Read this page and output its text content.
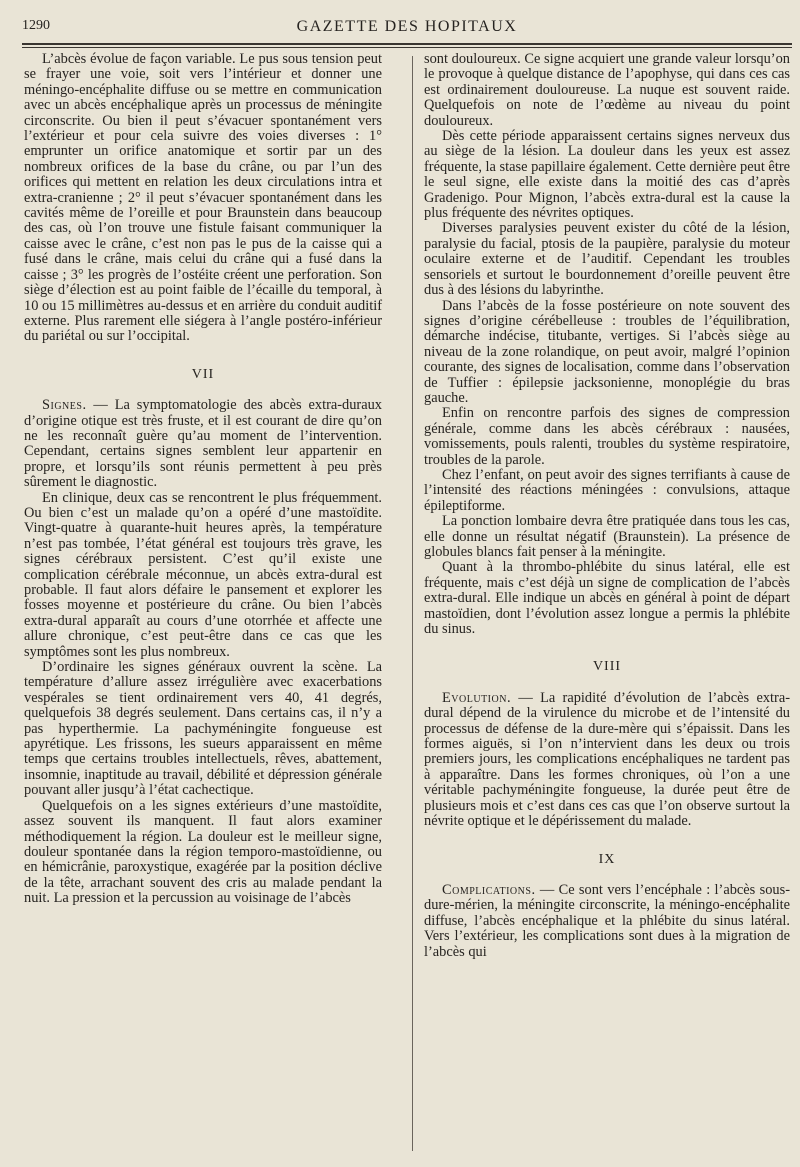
1290	GAZETTE DES HOPITAUX

L’abcès évolue de façon variable. Le pus sous tension peut se frayer une voie, soit vers l’intérieur et donner une méningo-encéphalite diffuse ou se mettre en communication avec un abcès encéphalique après un processus de méningite circonscrite. Ou bien il peut s’évacuer spontanément vers l’extérieur et pour cela suivre des voies diverses : 1° emprunter un orifice anatomique et sortir par un des nombreux orifices de la base du crâne, ou par l’un des orifices qui mettent en relation les deux circulations intra et extra-cranienne ; 2° il peut s’évacuer spontanément dans les cavités même de l’oreille et pour Braunstein dans beaucoup des cas, où l’on trouve une fistule faisant communiquer la caisse avec le crâne, c’est non pas le pus de la caisse qui a fusé dans le crâne, mais celui du crâne qui a fusé dans la caisse ; 3° les progrès de l’ostéite créent une perforation. Son siège d’élection est au point faible de l’écaille du temporal, à 10 ou 15 millimètres au-dessus et en arrière du conduit auditif externe. Plus rarement elle siégera à l’angle postéro-inférieur du pariétal ou sur l’occipital.

VII

Signes. — La symptomatologie des abcès extra-duraux d’origine otique est très fruste, et il est courant de dire qu’on ne les reconnaît guère qu’au moment de l’intervention. Cependant, certains signes semblent leur appartenir en propre, et lorsqu’ils sont réunis permettent à peu près sûrement le diagnostic.

En clinique, deux cas se rencontrent le plus fréquemment. Ou bien c’est un malade qu’on a opéré d’une mastoïdite. Vingt-quatre à quarante-huit heures après, la température n’est pas tombée, l’état général est toujours très grave, les signes cérébraux persistent. C’est qu’il existe une complication cérébrale méconnue, un abcès extra-dural est probable. Il faut alors défaire le pansement et explorer les fosses moyenne et postérieure du crâne. Ou bien l’abcès extra-dural apparaît au cours d’une otorrhée et affecte une allure chronique, c’est peut-être dans ce cas que les symptômes sont les plus nombreux.

D’ordinaire les signes généraux ouvrent la scène. La température d’allure assez irrégulière avec exacerbations vespérales se tient ordinairement vers 40, 41 degrés, quelquefois 38 degrés seulement. Dans certains cas, il n’y a pas hyperthermie. La pachyméningite fongueuse est apyrétique. Les frissons, les sueurs apparaissent en même temps que certains troubles intellectuels, rêves, abattement, insomnie, inaptitude au travail, débilité et dépression générale pouvant aller jusqu’à l’état cachectique.

Quelquefois on a les signes extérieurs d’une mastoïdite, assez souvent ils manquent. Il faut alors examiner méthodiquement la région. La douleur est le meilleur signe, douleur spontanée dans la région temporo-mastoïdienne, ou en hémicrânie, paroxystique, exagérée par la position déclive de la tête, arrachant souvent des cris au malade pendant la nuit. La pression et la percussion au voisinage de l’abcès

sont douloureux. Ce signe acquiert une grande valeur lorsqu’on le provoque à quelque distance de l’apophyse, qui dans ces cas est ordinairement douloureuse. La nuque est souvent raide. Quelquefois on note de l’œdème au niveau du point douloureux.

Dès cette période apparaissent certains signes nerveux dus au siège de la lésion. La douleur dans les yeux est assez fréquente, la stase papillaire également. Cette dernière peut être le seul signe, elle existe dans la moitié des cas d’après Gradenigo. Pour Mignon, l’abcès extra-dural est la cause la plus fréquente des névrites optiques.

Diverses paralysies peuvent exister du côté de la lésion, paralysie du facial, ptosis de la paupière, paralysie du moteur oculaire externe et de l’auditif. Cependant les troubles sensoriels et surtout le bourdonnement d’oreille peuvent être dus à des lésions du labyrinthe.

Dans l’abcès de la fosse postérieure on note souvent des signes d’origine cérébelleuse : troubles de l’équilibration, démarche indécise, titubante, vertiges. Si l’abcès siège au niveau de la zone rolandique, on peut avoir, malgré l’opinion courante, des signes de localisation, comme dans l’observation de Tuffier : épilepsie jacksonienne, monoplégie du bras gauche.

Enfin on rencontre parfois des signes de compression générale, comme dans les abcès cérébraux : nausées, vomissements, pouls ralenti, troubles du système respiratoire, troubles de la parole.

Chez l’enfant, on peut avoir des signes terrifiants à cause de l’intensité des réactions méningées : convulsions, attaque épileptiforme.

La ponction lombaire devra être pratiquée dans tous les cas, elle donne un résultat négatif (Braunstein). La présence de globules blancs fait penser à la méningite.

Quant à la thrombo-phlébite du sinus latéral, elle est fréquente, mais c’est déjà un signe de complication de l’abcès extra-dural. Elle indique un abcès en général à point de départ mastoïdien, dont l’évolution assez longue a permis la phlébite du sinus.

VIII

Evolution. — La rapidité d’évolution de l’abcès extra-dural dépend de la virulence du microbe et de l’intensité du processus de défense de la dure-mère qui s’épaissit. Dans les formes aiguës, si l’on n’intervient dans les deux ou trois premiers jours, les complications encéphaliques ne tardent pas à apparaître. Dans les formes chroniques, où l’on a une véritable pachyméningite fongueuse, la durée peut être de plusieurs mois et c’est dans ces cas que l’on observe surtout la névrite optique et le dépérissement du malade.

IX

Complications. — Ce sont vers l’encéphale : l’abcès sous-dure-mérien, la méningite circonscrite, la méningo-encéphalite diffuse, l’abcès encéphalique et la phlébite du sinus latéral. Vers l’extérieur, les complications sont dues à la migration de l’abcès qui
